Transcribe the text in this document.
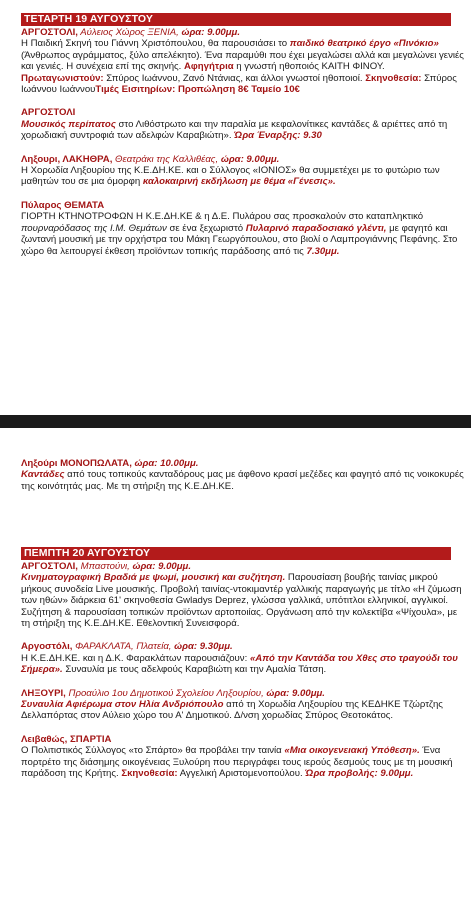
ΤΕΤΑΡΤΗ 19 ΑΥΓΟΥΣΤΟΥ

ΑΡΓΟΣΤΟΛΙ, Αύλειος Χώρος ΞΕΝΙΑ, ώρα: 9.00μμ.
Η Παιδική Σκηνή του Γιάννη Χριστόπουλου, θα παρουσιάσει το παιδικό θεατρικό έργο «Πινόκιο» (Άνθρωπος αγράμματος, ξύλο απελέκητο). Ένα παραμύθι που έχει μεγαλώσει αλλά και μεγαλώνει γενιές και γενιές. Η συνέχεια επί της σκηνής. Αφηγήτρια η γνωστή ηθοποιός ΚΑΙΤΗ ΦΙΝΟΥ. Πρωταγωνιστούν: Σπύρος Ιωάννου, Ζανό Ντάνιας, και άλλοι γνωστοί ηθοποιοί. Σκηνοθεσία: Σπύρος Ιωάννου ΙωάννουΤιμές Εισιτηρίων: Προπώληση 8€ Ταμείο 10€

ΑΡΓΟΣΤΟΛΙ
Μουσικός περίπατος στο Λιθόστρωτο και την παραλία με κεφαλονίτικες καντάδες & αριέττες από τη χορωδιακή συντροφιά των αδελφών Καραβιώτη». Ώρα Έναρξης: 9.30

Ληξουρι, ΛΑΚΗΘΡΑ, Θεατράκι της Καλλιθέας, ώρα: 9.00μμ.
Η Χορωδία Ληξουρίου της Κ.Ε.ΔΗ.ΚΕ. και ο Σύλλογος «ΙΟΝΙΟΣ» θα συμμετέχει με το φυτώριο των μαθητών του σε μια όμορφη καλοκαιρινή εκδήλωση με θέμα «Γένεσις».

Πύλαρος ΘΕΜΑΤΑ
ΓΙΟΡΤΗ ΚΤΗΝΟΤΡΟΦΩΝ Η Κ.Ε.ΔΗ.ΚΕ & η Δ.Ε. Πυλάρου σας προσκαλούν στο καταπληκτικό πουρναρόδασος της Ι.Μ. Θεμάτων σε ένα ξεχωριστό Πυλαρινό παραδοσιακό γλέντι, με φαγητό και ζωντανή μουσική με την ορχήστρα του Μάκη Γεωργόπουλου, στο βιολί ο Λαμπρογιάννης Πεφάνης. Στο χώρο θα λειτουργεί έκθεση προϊόντων τοπικής παράδοσης από τις 7.30μμ.

Ληξούρι ΜΟΝΟΠΩΛΑΤΑ, ώρα: 10.00μμ.
Καντάδες από τους τοπικούς κανταδόρους μας με άφθονο κρασί μεζέδες και φαγητό από τις νοικοκυρές της κοινότητάς μας. Με τη στήριξη της Κ.Ε.ΔΗ.ΚΕ.

ΠΕΜΠΤΗ 20 ΑΥΓΟΥΣΤΟΥ

ΑΡΓΟΣΤΟΛΙ, Μπαστούνι, ώρα: 9.00μμ.
Κινηματογραφική Βραδιά με ψωμί, μουσική και συζήτηση. Παρουσίαση βουβής ταινίας μικρού μήκους συνοδεία Live μουσικής. Προβολή ταινίας-ντοκιμαντέρ γαλλικής παραγωγής με τίτλο «Η ζύμωση των ηθών» διάρκεια 61' σκηνοθεσία Gwladys Deprez, γλώσσα γαλλικά, υπότιτλοι ελληνικοί, αγγλικοί. Συζήτηση & παρουσίαση τοπικών προϊόντων αρτοποιίας. Οργάνωση από την κολεκτίβα «Ψίχουλα», με τη στήριξη της Κ.Ε.ΔΗ.ΚΕ. Εθελοντική Συνεισφορά.

Αργοστόλι, ΦΑΡΑΚΛΑΤΑ, Πλατεία, ώρα: 9.30μμ.
Η Κ.Ε.ΔΗ.ΚΕ. και η Δ.Κ. Φαρακλάτων παρουσιάζουν: «Από την Καντάδα του Χθες στο τραγούδι του Σήμερα». Συναυλία με τους αδελφούς Καραβιώτη και την Αμαλία Τάτση.

ΛΗΞΟΥΡΙ, Προαύλιο 1ου Δημοτικού Σχολείου Ληξουρίου, ώρα: 9.00μμ.
Συναυλία Αφιέρωμα στον Ηλία Ανδριόπουλο από τη Χορωδία Ληξουρίου της ΚΕΔΗΚΕ Τζώρτζης Δελλαπόρτας στον Αύλειο χώρο του Α' Δημοτικού. Δ/νση χορωδίας Σπύρος Θεοτοκάτος.

Λειβαθώς, ΣΠΑΡΤΙΑ
Ο Πολιτιστικός Σύλλογος «το Σπάρτο» θα προβάλει την ταινία «Μια οικογενειακή Υπόθεση». Ένα πορτρέτο της διάσημης οικογένειας Ξυλούρη που περιγράφει τους ιερούς δεσμούς τους με τη μουσική παράδοση της Κρήτης. Σκηνοθεσία: Αγγελική Αριστομενοπούλου. Ώρα προβολής: 9.00μμ.
